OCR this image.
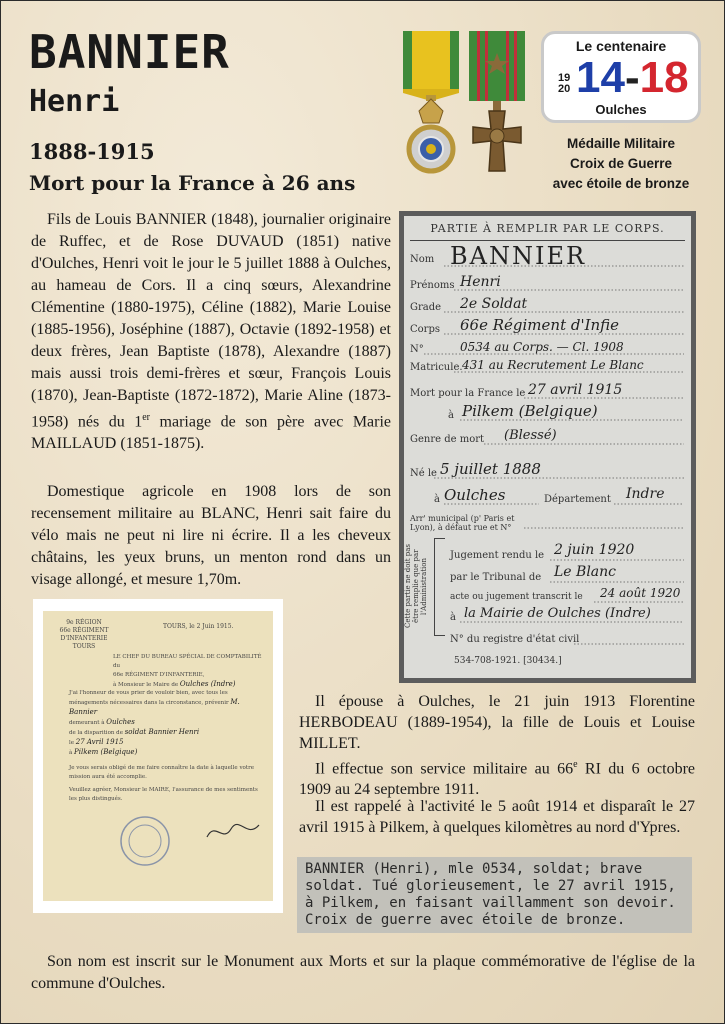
BANNIER
Henri
1888-1915
Mort pour la France à 26 ans
Le centenaire
19
20 14-18
Oulches
Médaille Militaire
Croix de Guerre
avec étoile de bronze

Fils de Louis BANNIER (1848), journalier originaire de Ruffec, et de Rose DUVAUD (1851) native d'Oulches, Henri voit le jour le 5 juillet 1888 à Oulches, au hameau de Cors. Il a cinq sœurs, Alexandrine Clémentine (1880-1975), Céline (1882), Marie Louise (1885-1956), Joséphine (1887), Octavie (1892-1958) et deux frères, Jean Baptiste (1878), Alexandre (1887) mais aussi trois demi-frères et sœur, François Louis (1870), Jean-Baptiste (1872-1872), Marie Aline (1873-1958) nés du 1er mariage de son père avec Marie MAILLAUD (1851-1875).

Domestique agricole en 1908 lors de son recensement militaire au BLANC, Henri sait faire du vélo mais ne peut ni lire ni écrire. Il a les cheveux châtains, les yeux bruns, un menton rond dans un visage allongé, et mesure 1,70m.

Il épouse à Oulches, le 21 juin 1913 Florentine HERBODEAU (1889-1954), la fille de Louis et Louise MILLET.

Il effectue son service militaire au 66e RI du 6 octobre 1909 au 24 septembre 1911.

Il est rappelé à l'activité le 5 août 1914 et disparaît le 27 avril 1915 à Pilkem, à quelques kilomètres au nord d'Ypres.

Son nom est inscrit sur le Monument aux Morts et sur la plaque commémorative de l'église de la commune d'Oulches.

PARTIE À REMPLIR PAR LE CORPS.
Nom BANNIER
Prénoms Henri
Grade 2e Soldat
Corps 66e Régiment d'Infie
N°	0534 au Corps. — Cl. 1908
Matricule. 431 au Recrutement Le Blanc
Mort pour la France le 27 avril 1915
à Pilkem (Belgique)
Genre de mort (Blessé)
Né le 5 juillet 1888
à Oulches	Département Indre
Arr' municipal (p' Paris et Lyon), à défaut rue et N°
Cette partie ne doit pas être remplie que par l'Administration
Jugement rendu le 2 juin 1920
par le Tribunal de Le Blanc
acte ou jugement transcrit le 24 août 1920
à la Mairie de Oulches (Indre)
N° du registre d'état civil
534-708-1921. [30434.]
9e RÉGION
66e RÉGIMENT D'INFANTERIE
TOURS
TOURS, le 2 Juin 1915.
LE CHEF DU BUREAU SPÉCIAL DE COMPTABILITÉ du
66e RÉGIMENT D'INFANTERIE,
à Monsieur le Maire de Oulches (Indre)
J'ai l'honneur de vous prier de vouloir bien, avec tous les ménagements nécessaires dans la circonstance, prévenir M. Bannier
demeurant à Oulches
de la disparition de soldat Bannier Henri
le 27 Avril 1915
à Pilkem (Belgique)
Je vous serais obligé de me faire connaître la date à laquelle votre mission aura été accomplie.
Veuillez agréer, Monsieur le MAIRE, l'assurance de mes sentiments les plus distingués.
BANNIER (Henri), mle 0534, soldat; brave
soldat. Tué glorieusement, le 27 avril 1915,
à Pilkem, en faisant vaillamment son devoir.
Croix de guerre avec étoile de bronze.
